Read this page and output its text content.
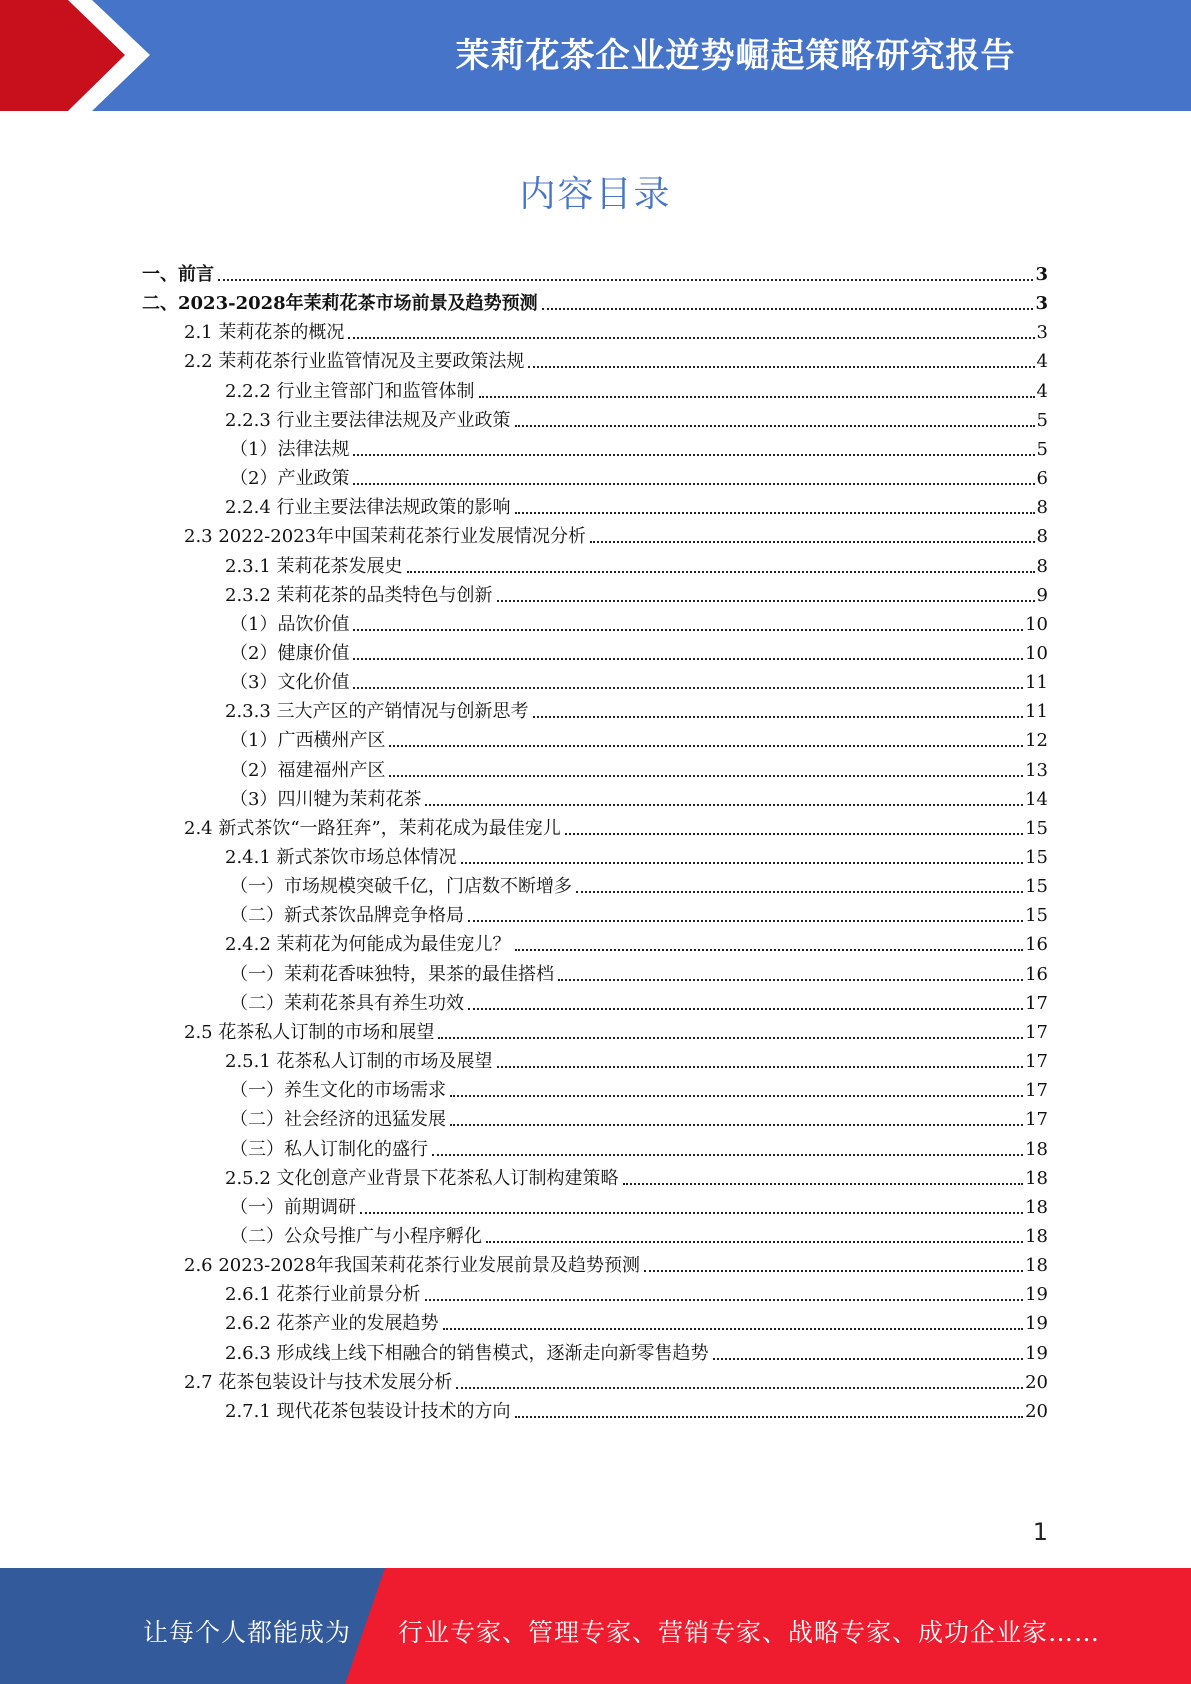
茉莉花茶企业逆势崛起策略研究报告
内容目录
一、前言	3
二、2023-2028年茉莉花茶市场前景及趋势预测	3
2.1 茉莉花茶的概况	3
2.2 茉莉花茶行业监管情况及主要政策法规	4
2.2.2 行业主管部门和监管体制	4
2.2.3 行业主要法律法规及产业政策	5
（1）法律法规	5
（2）产业政策	6
2.2.4 行业主要法律法规政策的影响	8
2.3 2022-2023年中国茉莉花茶行业发展情况分析	8
2.3.1 茉莉花茶发展史	8
2.3.2 茉莉花茶的品类特色与创新	9
（1）品饮价值	10
（2）健康价值	10
（3）文化价值	11
2.3.3 三大产区的产销情况与创新思考	11
（1）广西横州产区	12
（2）福建福州产区	13
（3）四川犍为茉莉花茶	14
2.4 新式茶饮“一路狂奔”，茉莉花成为最佳宠儿	15
2.4.1 新式茶饮市场总体情况	15
（一）市场规模突破千亿，门店数不断增多	15
（二）新式茶饮品牌竞争格局	15
2.4.2 茉莉花为何能成为最佳宠儿？	16
（一）茉莉花香味独特，果茶的最佳搭档	16
（二）茉莉花茶具有养生功效	17
2.5 花茶私人订制的市场和展望	17
2.5.1 花茶私人订制的市场及展望	17
（一）养生文化的市场需求	17
（二）社会经济的迅猛发展	17
（三）私人订制化的盛行	18
2.5.2 文化创意产业背景下花茶私人订制构建策略	18
（一）前期调研	18
（二）公众号推广与小程序孵化	18
2.6 2023-2028年我国茉莉花茶行业发展前景及趋势预测	18
2.6.1 花茶行业前景分析	19
2.6.2 花茶产业的发展趋势	19
2.6.3 形成线上线下相融合的销售模式，逐渐走向新零售趋势	19
2.7 花茶包装设计与技术发展分析	20
2.7.1 现代花茶包装设计技术的方向	20
1
让每个人都能成为 行业专家、管理专家、营销专家、战略专家、成功企业家……
